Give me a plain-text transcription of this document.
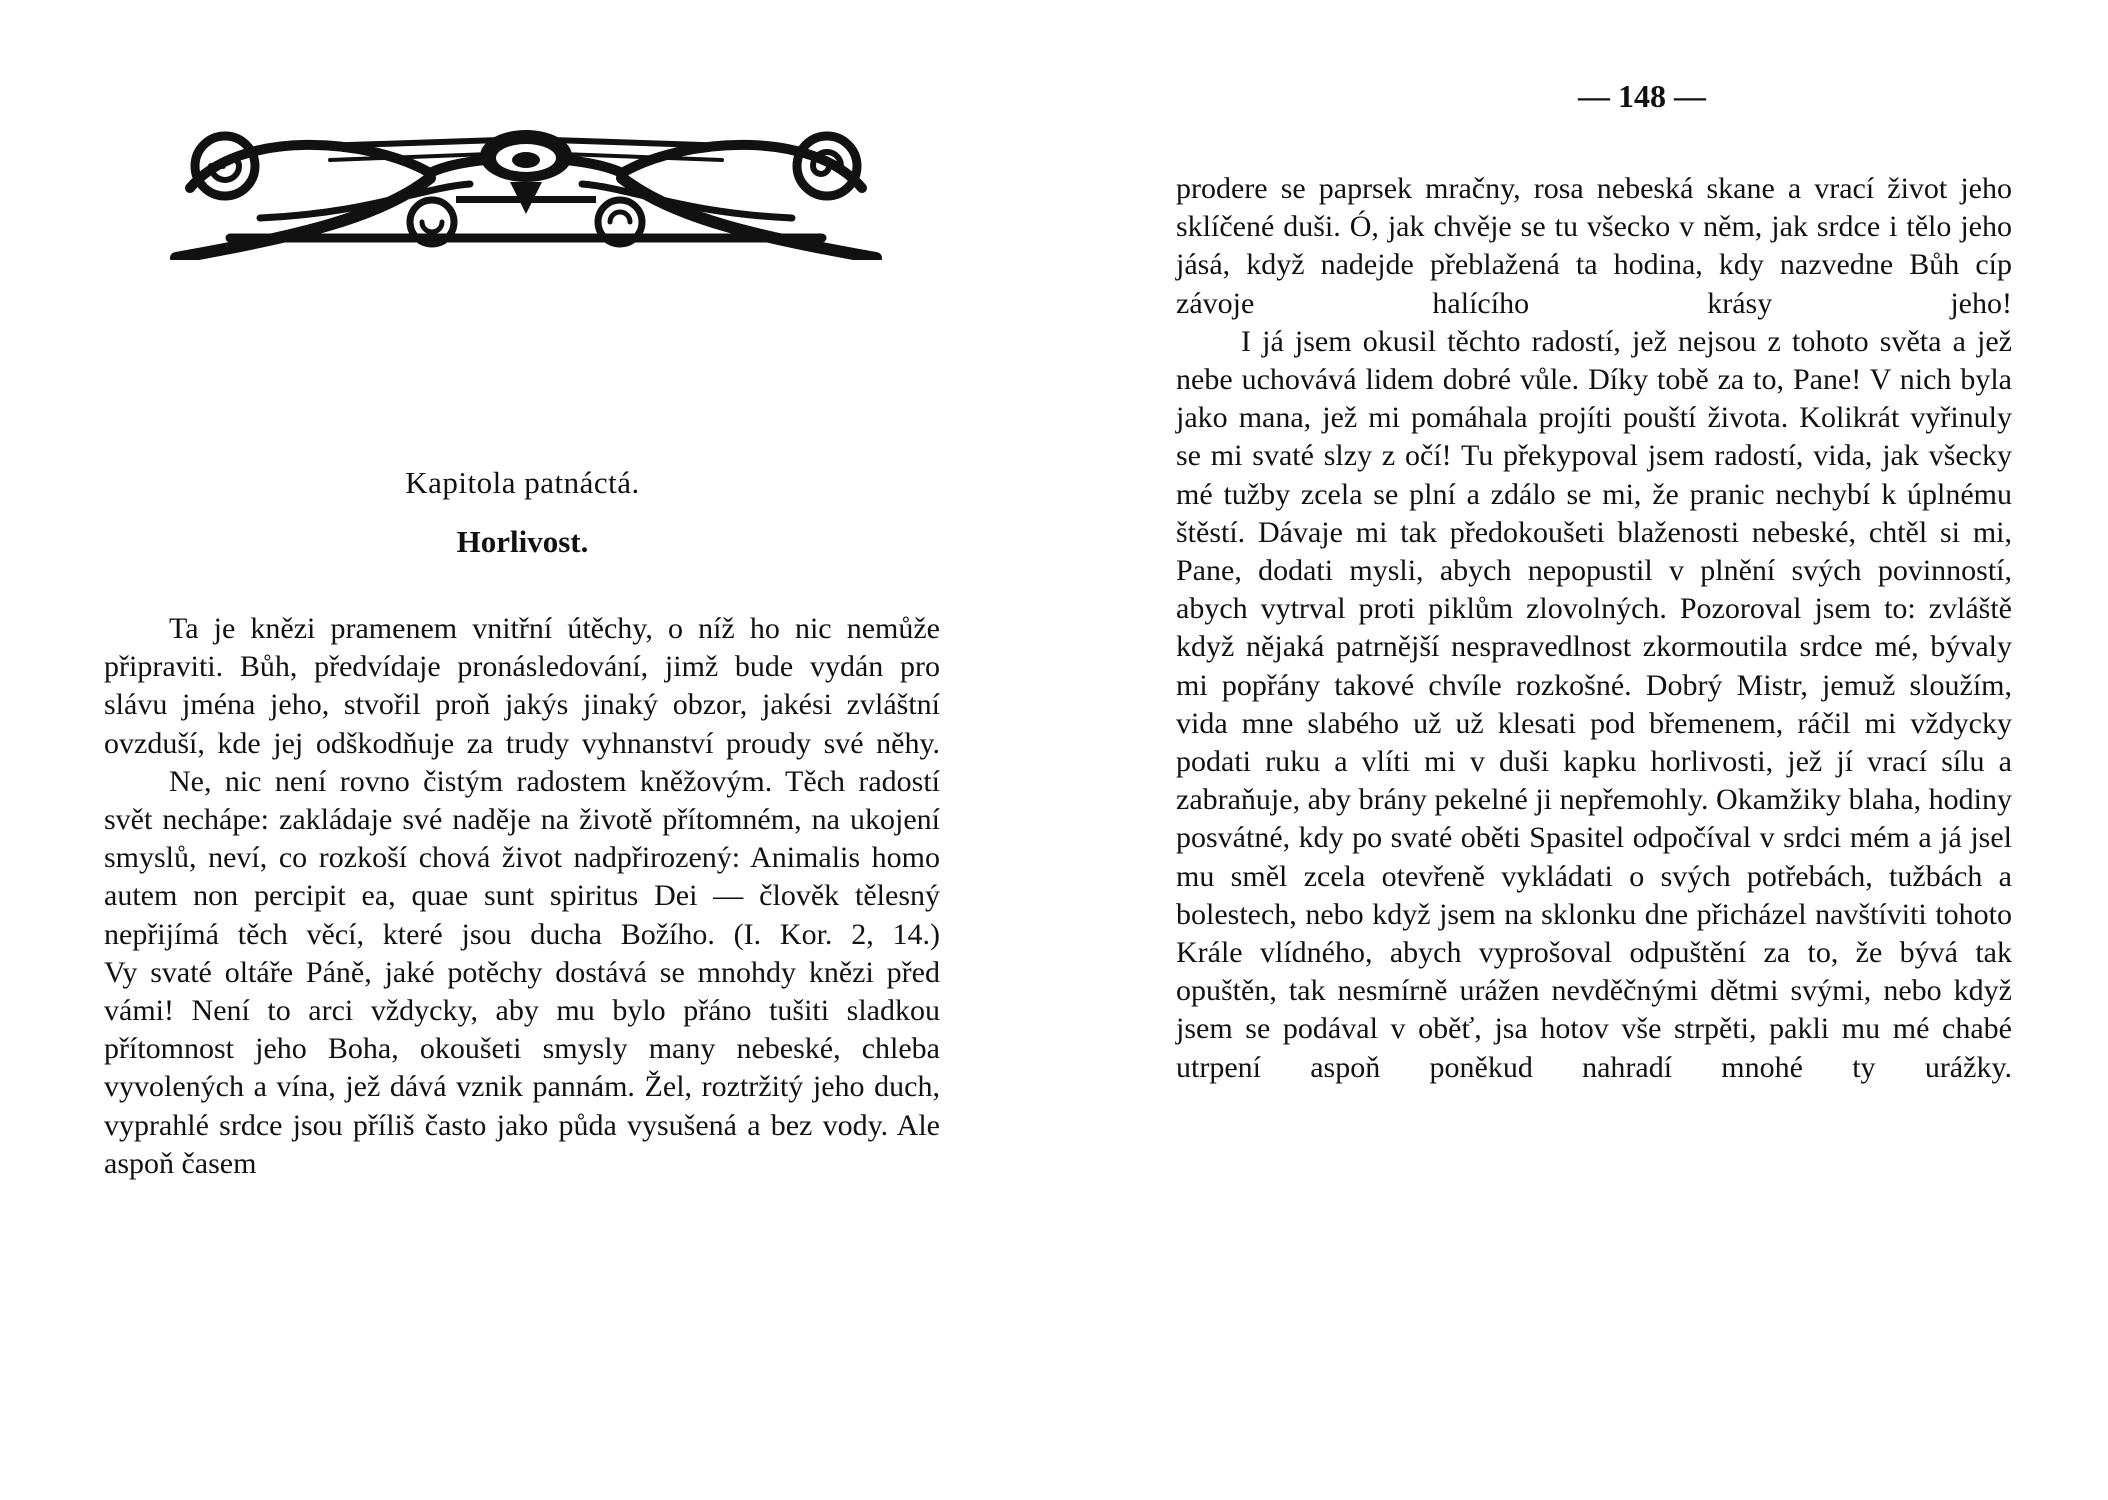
Kapitola patnáctá.
Horlivost.

Ta je knězi pramenem vnitřní útěchy, o níž ho nic nemůže připraviti. Bůh, předvídaje pronásledování, jimž bude vydán pro slávu jména jeho, stvořil proň jakýs jinaký obzor, jakési zvláštní ovzduší, kde jej odškodňuje za trudy vyhnanství proudy své něhy.

Ne, nic není rovno čistým radostem kněžovým. Těch radostí svět nechápe: zakládaje své naděje na životě přítomném, na ukojení smyslů, neví, co rozkoší chová život nadpřirozený: Animalis homo autem non percipit ea, quae sunt spiritus Dei — člověk tělesný nepřijímá těch věcí, které jsou ducha Božího. (I. Kor. 2, 14.)

Vy svaté oltáře Páně, jaké potěchy dostává se mnohdy knězi před vámi! Není to arci vždycky, aby mu bylo přáno tušiti sladkou přítomnost jeho Boha, okoušeti smysly many nebeské, chleba vyvolených a vína, jež dává vznik pannám. Žel, roztržitý jeho duch, vyprahlé srdce jsou příliš často jako půda vysušená a bez vody. Ale aspoň časem

— 148 —

prodere se paprsek mračny, rosa nebeská skane a vrací život jeho sklíčené duši. Ó, jak chvěje se tu všecko v něm, jak srdce i tělo jeho jásá, když nadejde přeblažená ta hodina, kdy nazvedne Bůh cíp závoje halícího krásy jeho!

I já jsem okusil těchto radostí, jež nejsou z tohoto světa a jež nebe uchovává lidem dobré vůle. Díky tobě za to, Pane! V nich byla jako mana, jež mi pomáhala projíti pouští života. Kolikrát vyřinuly se mi svaté slzy z očí! Tu překypoval jsem radostí, vida, jak všecky mé tužby zcela se plní a zdálo se mi, že pranic nechybí k úplnému štěstí. Dávaje mi tak předokoušeti blaženosti nebeské, chtěl si mi, Pane, dodati mysli, abych nepopustil v plnění svých povinností, abych vytrval proti piklům zlovolných. Pozoroval jsem to: zvláště když nějaká patrnější nespravedlnost zkormoutila srdce mé, bývaly mi popřány takové chvíle rozkošné. Dobrý Mistr, jemuž sloužím, vida mne slabého už už klesati pod břemenem, ráčil mi vždycky podati ruku a vlíti mi v duši kapku horlivosti, jež jí vrací sílu a zabraňuje, aby brány pekelné ji nepřemohly. Okamžiky blaha, hodiny posvátné, kdy po svaté oběti Spasitel odpočíval v srdci mém a já jsel mu směl zcela otevřeně vykládati o svých potřebách, tužbách a bolestech, nebo když jsem na sklonku dne přicházel navštíviti tohoto Krále vlídného, abych vyprošoval odpuštění za to, že bývá tak opuštěn, tak nesmírně urážen nevděčnými dětmi svými, nebo když jsem se podával v oběť, jsa hotov vše strpěti, pakli mu mé chabé utrpení aspoň poněkud nahradí mnohé ty urážky.
